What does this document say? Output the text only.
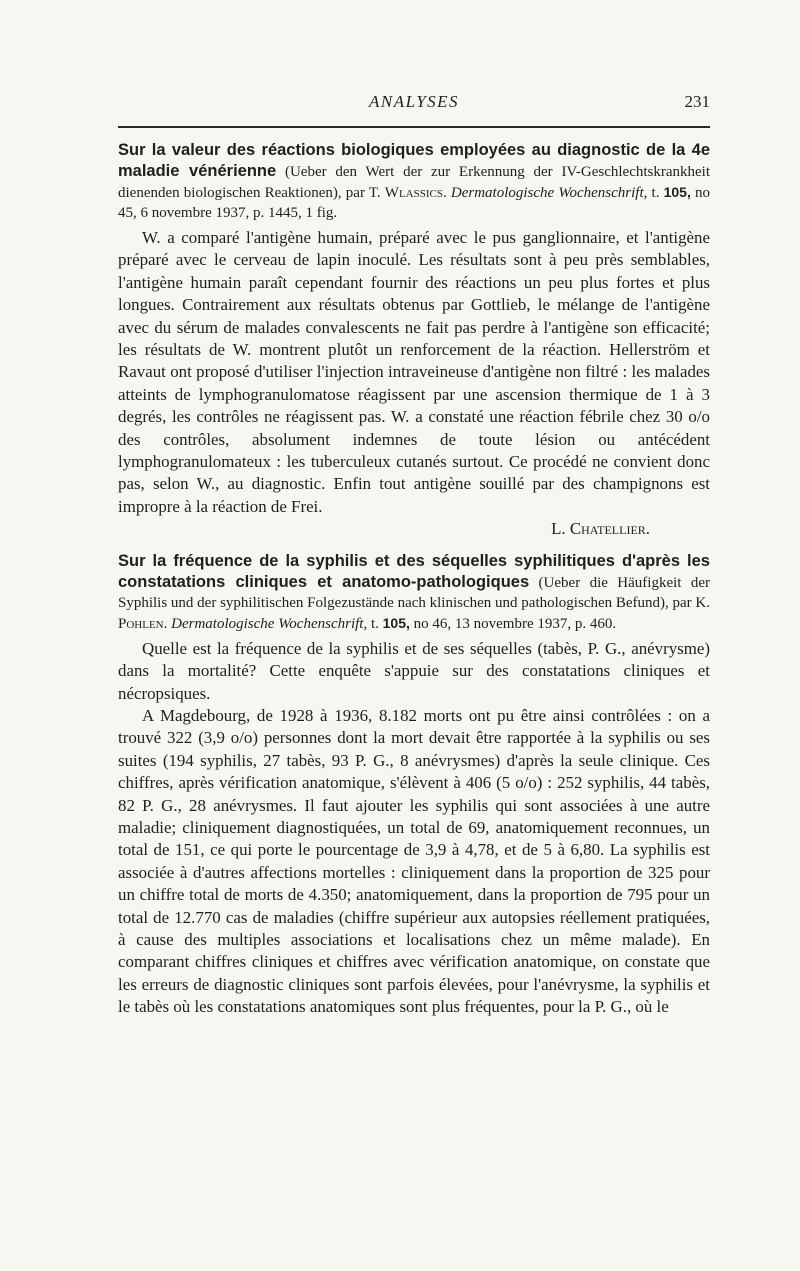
ANALYSES	231

Sur la valeur des réactions biologiques employées au diagnostic de la 4e maladie vénérienne (Ueber den Wert der zur Erkennung der IV-Geschlechtskrankheit dienenden biologischen Reaktionen), par T. Wlassics. Dermatologische Wochenschrift, t. 105, no 45, 6 novembre 1937, p. 1445, 1 fig.

W. a comparé l'antigène humain, préparé avec le pus ganglionnaire, et l'antigène préparé avec le cerveau de lapin inoculé. Les résultats sont à peu près semblables, l'antigène humain paraît cependant fournir des réactions un peu plus fortes et plus longues. Contrairement aux résultats obtenus par Gottlieb, le mélange de l'antigène avec du sérum de malades convalescents ne fait pas perdre à l'antigène son efficacité; les résultats de W. montrent plutôt un renforcement de la réaction. Hellerström et Ravaut ont proposé d'utiliser l'injection intraveineuse d'antigène non filtré : les malades atteints de lymphogranulomatose réagissent par une ascension thermique de 1 à 3 degrés, les contrôles ne réagissent pas. W. a constaté une réaction fébrile chez 30 o/o des contrôles, absolument indemnes de toute lésion ou antécédent lymphogranulomateux : les tuberculeux cutanés surtout. Ce procédé ne convient donc pas, selon W., au diagnostic. Enfin tout antigène souillé par des champignons est impropre à la réaction de Frei.

L. Chatellier.

Sur la fréquence de la syphilis et des séquelles syphilitiques d'après les constatations cliniques et anatomo-pathologiques (Ueber die Häufigkeit der Syphilis und der syphilitischen Folgezustände nach klinischen und pathologischen Befund), par K. Pohlen. Dermatologische Wochenschrift, t. 105, no 46, 13 novembre 1937, p. 460.

Quelle est la fréquence de la syphilis et de ses séquelles (tabès, P. G., anévrysme) dans la mortalité? Cette enquête s'appuie sur des constatations cliniques et nécropsiques.

A Magdebourg, de 1928 à 1936, 8.182 morts ont pu être ainsi contrôlées : on a trouvé 322 (3,9 o/o) personnes dont la mort devait être rapportée à la syphilis ou ses suites (194 syphilis, 27 tabès, 93 P. G., 8 anévrysmes) d'après la seule clinique. Ces chiffres, après vérification anatomique, s'élèvent à 406 (5 o/o) : 252 syphilis, 44 tabès, 82 P. G., 28 anévrysmes. Il faut ajouter les syphilis qui sont associées à une autre maladie; cliniquement diagnostiquées, un total de 69, anatomiquement reconnues, un total de 151, ce qui porte le pourcentage de 3,9 à 4,78, et de 5 à 6,80. La syphilis est associée à d'autres affections mortelles : cliniquement dans la proportion de 325 pour un chiffre total de morts de 4.350; anatomiquement, dans la proportion de 795 pour un total de 12.770 cas de maladies (chiffre supérieur aux autopsies réellement pratiquées, à cause des multiples associations et localisations chez un même malade). En comparant chiffres cliniques et chiffres avec vérification anatomique, on constate que les erreurs de diagnostic cliniques sont parfois élevées, pour l'anévrysme, la syphilis et le tabès où les constatations anatomiques sont plus fréquentes, pour la P. G., où le
